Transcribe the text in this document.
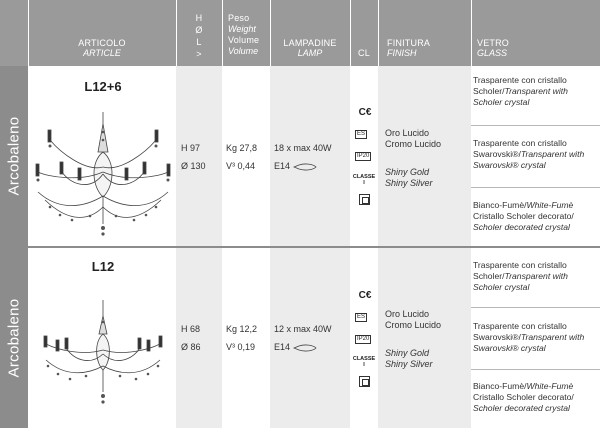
ARTICOLO
ARTICLE
H
Ø
L
>
Peso
Weight
Volume
Volume
LAMPADINE
LAMP	CL
FINITURA
FINISH
VETRO
GLASS
Arcobaleno
Arcobaleno
L12+6
H 97
Ø 130
Kg 27,8
V³ 0,44
18 x max 40W
E14
C€
ES
IP20
CLASSE I
Oro Lucido
Cromo Lucido
Shiny Gold
Shiny Silver
Trasparente con cristallo Scholer/Transparent with Scholer crystal
Trasparente con cristallo Swarovski®/Transparent with Swarovski® crystal
Bianco-Fumè/White-Fumè
Cristallo Scholer decorato/
Scholer decorated crystal
L12
H 68
Ø 86
Kg 12,2
V³ 0,19
12 x max 40W
E14
C€
ES
IP20
CLASSE I
Oro Lucido
Cromo Lucido
Shiny Gold
Shiny Silver
Trasparente con cristallo Scholer/Transparent with Scholer crystal
Trasparente con cristallo Swarovski®/Transparent with Swarovski® crystal
Bianco-Fumè/White-Fumè
Cristallo Scholer decorato/
Scholer decorated crystal
